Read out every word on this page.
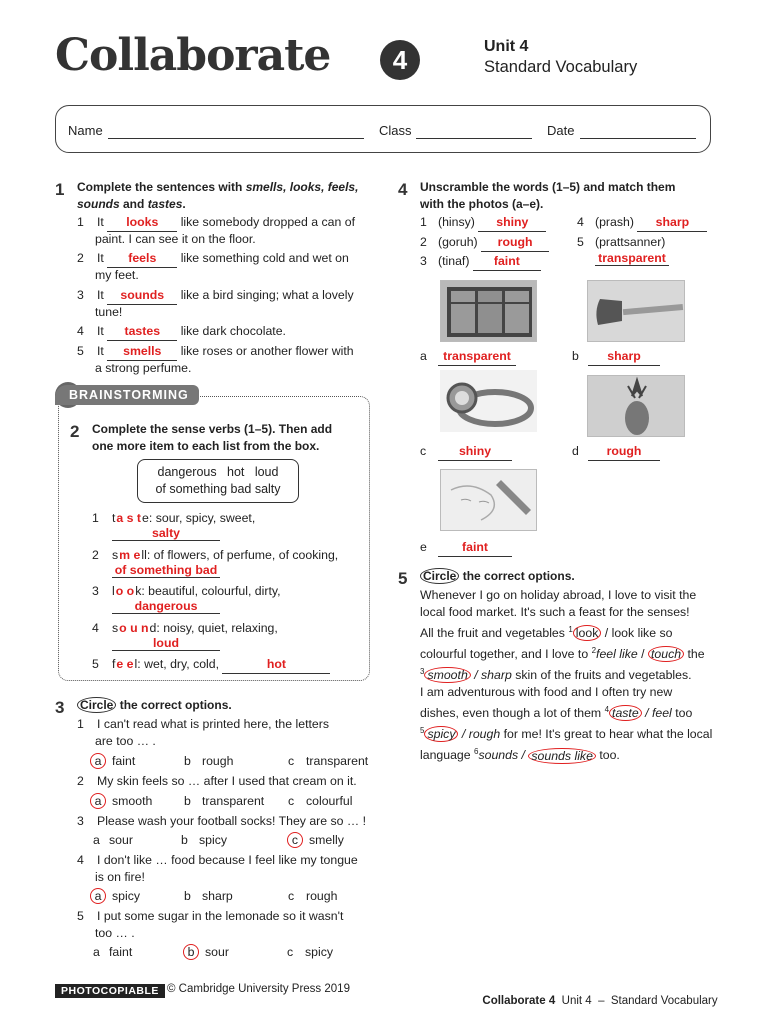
Collaborate	4	Unit 4
Standard Vocabulary
Name	Class	Date
1 Complete the sentences with smells, looks, feels, sounds and tastes.
1 It looks like somebody dropped a can of
paint. I can see it on the floor.
2 It feels like something cold and wet on
my feet.
3 It sounds like a bird singing; what a lovely
tune!
4 It tastes like dark chocolate.
5 It smells like roses or another flower with
a strong perfume.
BRAINSTORMING
2 Complete the sense verbs (1–5). Then add
one more item to each list from the box.
dangerous   hot   loud
of something bad salty
1 ta s te: sour, spicy, sweet,
salty
2 sm ell: of flowers, of perfume, of cooking,
of something bad
3 lo ok: beautiful, colourful, dirty,
dangerous
4 so u nd: noisy, quiet, relaxing,
loud
5 fe el: wet, dry, cold,	hot
3 Circle the correct options.
1 I can't read what is printed here, the letters
are too … .
a faint	b rough	c transparent
2 My skin feels so … after I used that cream on it.
a smooth	b transparent c colourful
3 Please wash your football socks! They are so … !
a sour	b spicy	c smelly
4 I don't like … food because I feel like my tongue
is on fire!
a spicy	b sharp	c rough
5 I put some sugar in the lemonade so it wasn't
too … .
a faint	b sour	c spicy
4 Unscramble the words (1–5) and match them
with the photos (a–e).
1 (hinsy) shiny
2 (goruh) rough
3 (tinaf) faint
4 (prash) sharp
5 (prattsanner)
transparent
a transparent	b sharp
c	shiny	d rough
e	faint
5 Circle the correct options.
Whenever I go on holiday abroad, I love to visit the
local food market. It's such a feast for the senses!
All the fruit and vegetables $^1$ look / look like so
colourful together, and I love to $^2$feel like / touch the
$^3$ smooth / sharp skin of the fruits and vegetables.
I am adventurous with food and I often try new
dishes, even though a lot of them $^4$ taste / feel too
$^5$ spicy / rough for me! It's great to hear what the local
language $^6$sounds / sounds like too.
PHOTOCOPIABLE © Cambridge University Press 2019

Collaborate 4 Unit 4  –  Standard Vocabulary
